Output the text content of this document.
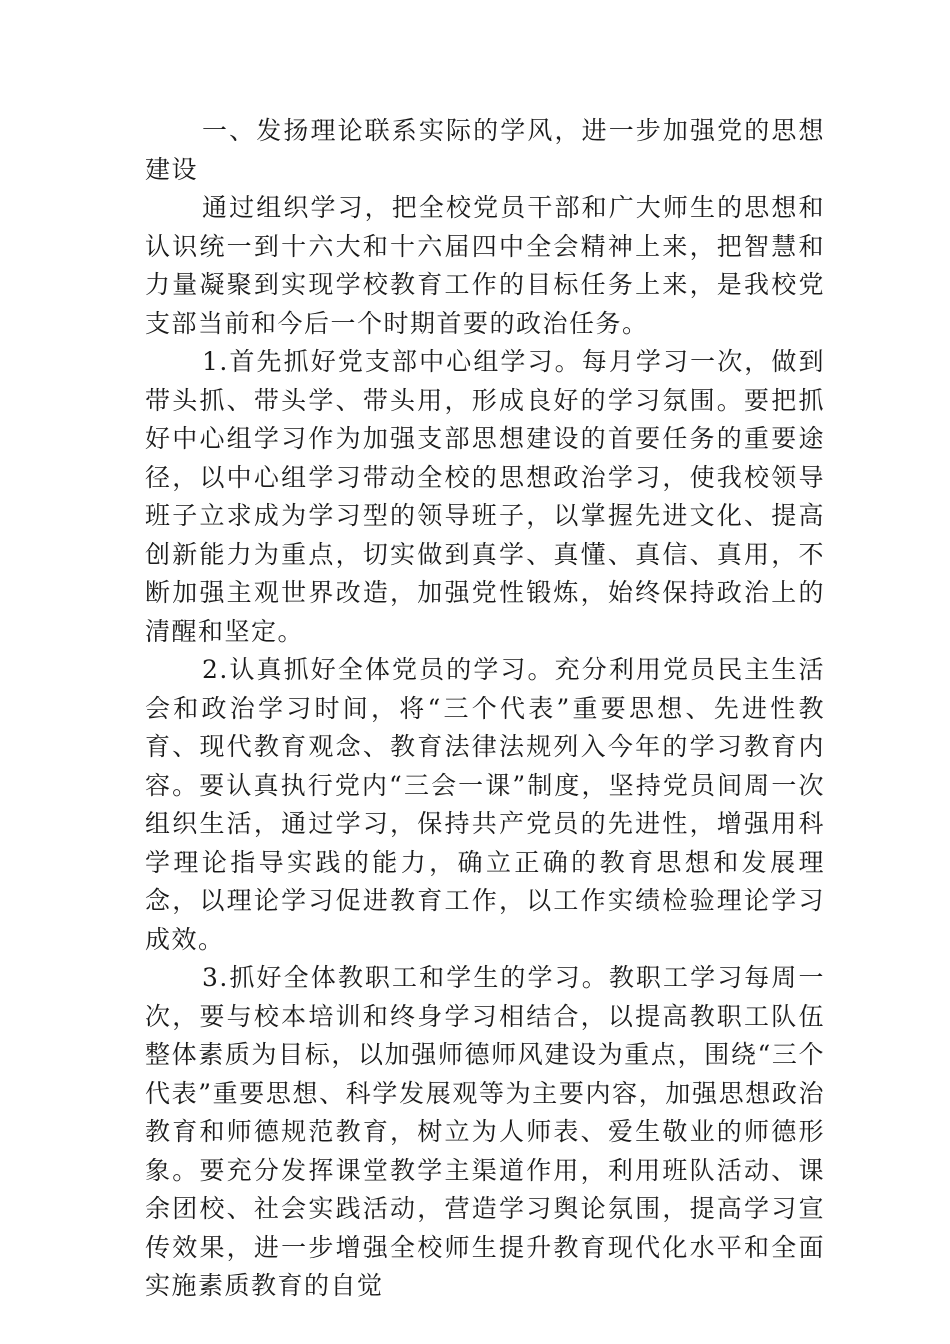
一、发扬理论联系实际的学风，进一步加强党的思想建设

通过组织学习，把全校党员干部和广大师生的思想和认识统一到十六大和十六届四中全会精神上来，把智慧和力量凝聚到实现学校教育工作的目标任务上来，是我校党支部当前和今后一个时期首要的政治任务。

1.首先抓好党支部中心组学习。每月学习一次，做到带头抓、带头学、带头用，形成良好的学习氛围。要把抓好中心组学习作为加强支部思想建设的首要任务的重要途径，以中心组学习带动全校的思想政治学习，使我校领导班子立求成为学习型的领导班子，以掌握先进文化、提高创新能力为重点，切实做到真学、真懂、真信、真用，不断加强主观世界改造，加强党性锻炼，始终保持政治上的清醒和坚定。

2.认真抓好全体党员的学习。充分利用党员民主生活会和政治学习时间，将“三个代表”重要思想、先进性教育、现代教育观念、教育法律法规列入今年的学习教育内容。要认真执行党内“三会一课”制度，坚持党员间周一次组织生活，通过学习，保持共产党员的先进性，增强用科学理论指导实践的能力，确立正确的教育思想和发展理念，以理论学习促进教育工作，以工作实绩检验理论学习成效。

3.抓好全体教职工和学生的学习。教职工学习每周一次，要与校本培训和终身学习相结合，以提高教职工队伍整体素质为目标，以加强师德师风建设为重点，围绕“三个代表”重要思想、科学发展观等为主要内容，加强思想政治教育和师德规范教育，树立为人师表、爱生敬业的师德形象。要充分发挥课堂教学主渠道作用，利用班队活动、课余团校、社会实践活动，营造学习舆论氛围，提高学习宣传效果，进一步增强全校师生提升教育现代化水平和全面实施素质教育的自觉
